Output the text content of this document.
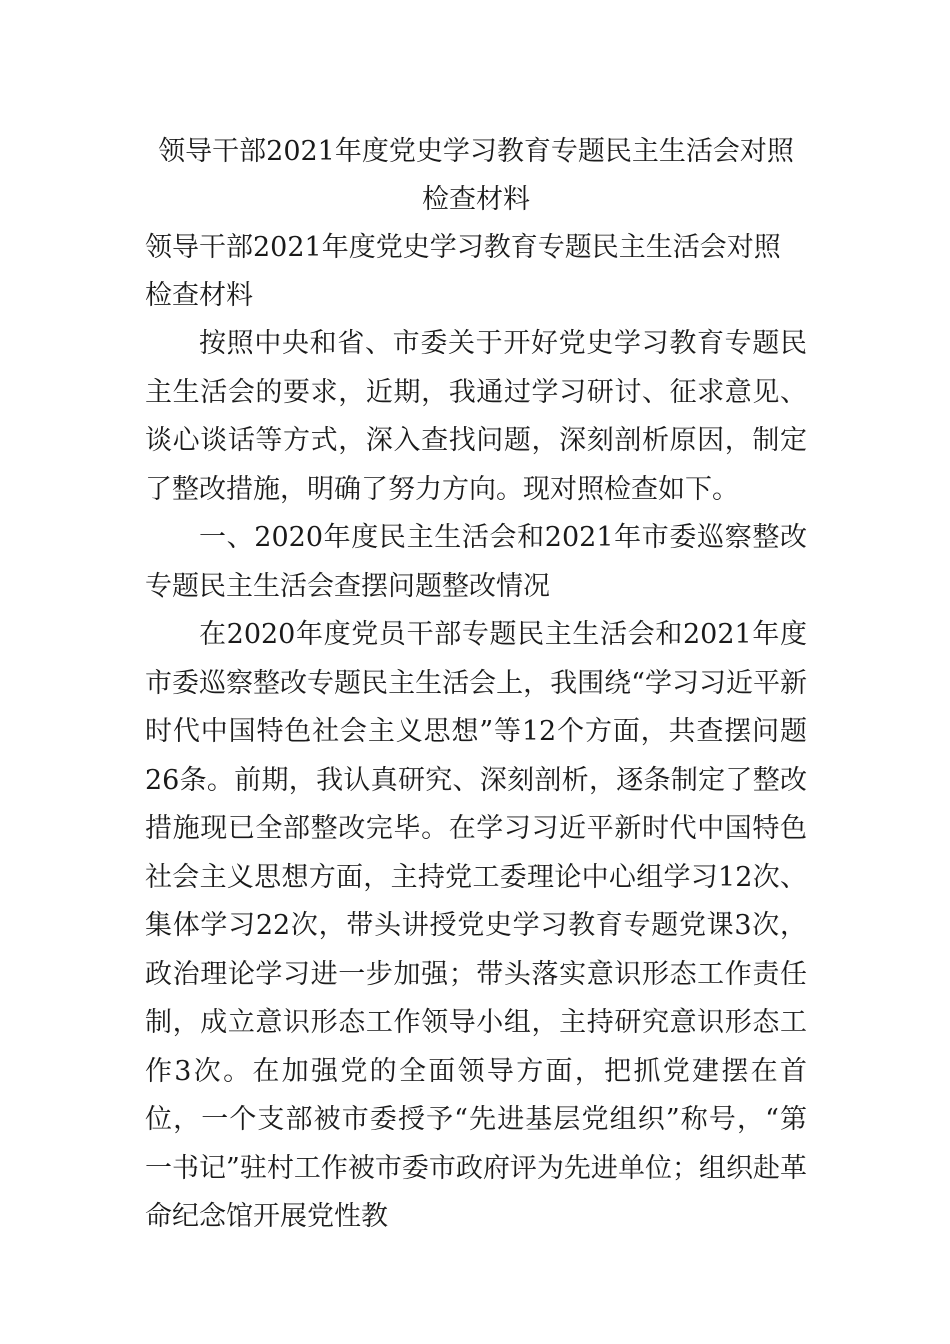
领导干部2021年度党史学习教育专题民主生活会对照检查材料
领导干部2021年度党史学习教育专题民主生活会对照检查材料

按照中央和省、市委关于开好党史学习教育专题民主生活会的要求，近期，我通过学习研讨、征求意见、谈心谈话等方式，深入查找问题，深刻剖析原因，制定了整改措施，明确了努力方向。现对照检查如下。

一、2020年度民主生活会和2021年市委巡察整改专题民主生活会查摆问题整改情况

在2020年度党员干部专题民主生活会和2021年度市委巡察整改专题民主生活会上，我围绕“学习习近平新时代中国特色社会主义思想”等12个方面，共查摆问题26条。前期，我认真研究、深刻剖析，逐条制定了整改措施现已全部整改完毕。在学习习近平新时代中国特色社会主义思想方面，主持党工委理论中心组学习12次、集体学习22次，带头讲授党史学习教育专题党课3次，政治理论学习进一步加强；带头落实意识形态工作责任制，成立意识形态工作领导小组，主持研究意识形态工作3次。在加强党的全面领导方面，把抓党建摆在首位，一个支部被市委授予“先进基层党组织”称号，“第一书记”驻村工作被市委市政府评为先进单位；组织赴革命纪念馆开展党性教
